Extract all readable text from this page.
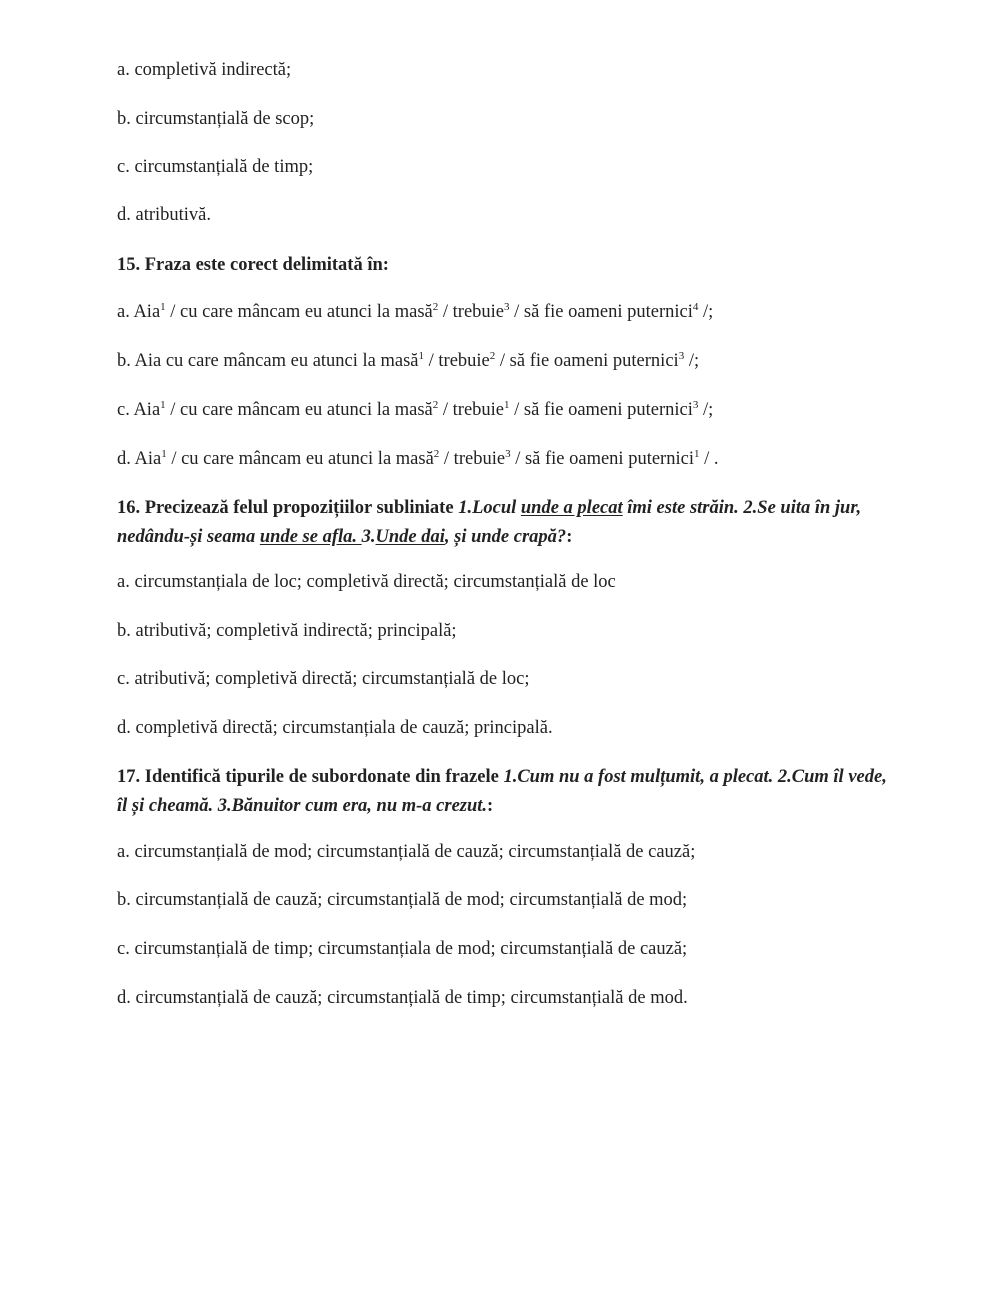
a. completivă indirectă;
b. circumstanțială de scop;
c. circumstanțială de timp;
d. atributivă.
15. Fraza este corect delimitată în:
a. Aia$^1$ / cu care mâncam eu atunci la masă$^2$ / trebuie$^3$ / să fie oameni puternici$^4$ /;
b. Aia cu care mâncam eu atunci la masă$^1$ / trebuie$^2$ / să fie oameni puternici$^3$ /;
c. Aia$^1$ / cu care mâncam eu atunci la masă$^2$ / trebuie$^1$ / să fie oameni puternici$^3$ /;
d. Aia$^1$ / cu care mâncam eu atunci la masă$^2$ / trebuie$^3$ / să fie oameni puternici$^1$ / .
16. Precizează felul propozițiilor subliniate 1.Locul unde a plecat îmi este străin. 2.Se uita în jur, nedându-și seama unde se afla. 3.Unde dai, și unde crapă?:
a. circumstanțiala de loc; completivă directă; circumstanțială de loc
b. atributivă; completivă indirectă; principală;
c. atributivă; completivă directă; circumstanțială de loc;
d. completivă directă; circumstanțiala de cauză; principală.
17. Identifică tipurile de subordonate din frazele 1.Cum nu a fost mulțumit, a plecat. 2.Cum îl vede, îl și cheamă. 3.Bănuitor cum era, nu m-a crezut.:
a. circumstanțială de mod; circumstanțială de cauză; circumstanțială de cauză;
b. circumstanțială de cauză; circumstanțială de mod; circumstanțială de mod;
c. circumstanțială de timp; circumstanțiala de mod; circumstanțială de cauză;
d. circumstanțială de cauză; circumstanțială de timp; circumstanțială de mod.
